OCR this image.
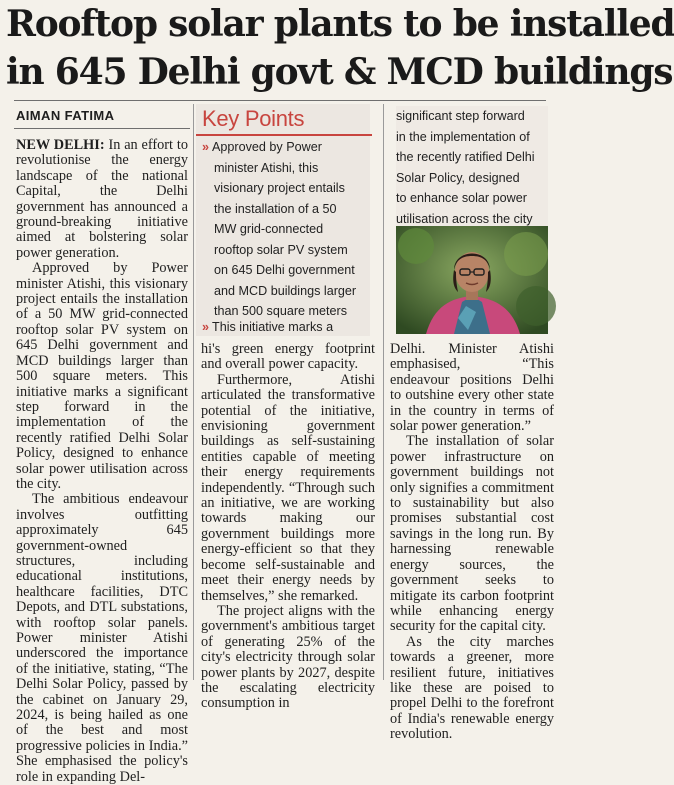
Rooftop solar plants to be installed
in 645 Delhi govt & MCD buildings
AIMAN FATIMA

NEW DELHI: In an effort to revolutionise the energy landscape of the national Capital, the Delhi government has announced a ground-breaking initiative aimed at bolstering solar power generation.

Approved by Power minister Atishi, this visionary project entails the installation of a 50 MW grid-connected rooftop solar PV system on 645 Delhi government and MCD buildings larger than 500 square meters. This initiative marks a significant step forward in the implementation of the recently ratified Delhi Solar Policy, designed to enhance solar power utilisation across the city.

The ambitious endeavour involves outfitting approximately 645 government-owned structures, including educational institutions, healthcare facilities, DTC Depots, and DTL substations, with rooftop solar panels. Power minister Atishi underscored the importance of the initiative, stating, “The Delhi Solar Policy, passed by the cabinet on January 29, 2024, is being hailed as one of the best and most progressive policies in India.” She emphasised the policy's role in expanding Del-

Key Points
» Approved by Power
minister Atishi, this
visionary project entails
the installation of a 50
MW grid-connected
rooftop solar PV system
on 645 Delhi government
and MCD buildings larger
than 500 square meters
» This initiative marks a
significant step forward
in the implementation of
the recently ratified Delhi
Solar Policy, designed
to enhance solar power
utilisation across the city

hi's green energy footprint and overall power capacity.

Furthermore, Atishi articulated the transformative potential of the initiative, envisioning government buildings as self-sustaining entities capable of meeting their energy requirements independently. “Through such an initiative, we are working towards making our government buildings more energy-efficient so that they become self-sustainable and meet their energy needs by themselves,” she remarked.

The project aligns with the government's ambitious target of generating 25% of the city's electricity through solar power plants by 2027, despite the escalating electricity consumption in

Delhi. Minister Atishi emphasised, “This endeavour positions Delhi to outshine every other state in the country in terms of solar power generation.”

The installation of solar power infrastructure on government buildings not only signifies a commitment to sustainability but also promises substantial cost savings in the long run. By harnessing renewable energy sources, the government seeks to mitigate its carbon footprint while enhancing energy security for the capital city.

As the city marches towards a greener, more resilient future, initiatives like these are poised to propel Delhi to the forefront of India's renewable energy revolution.
